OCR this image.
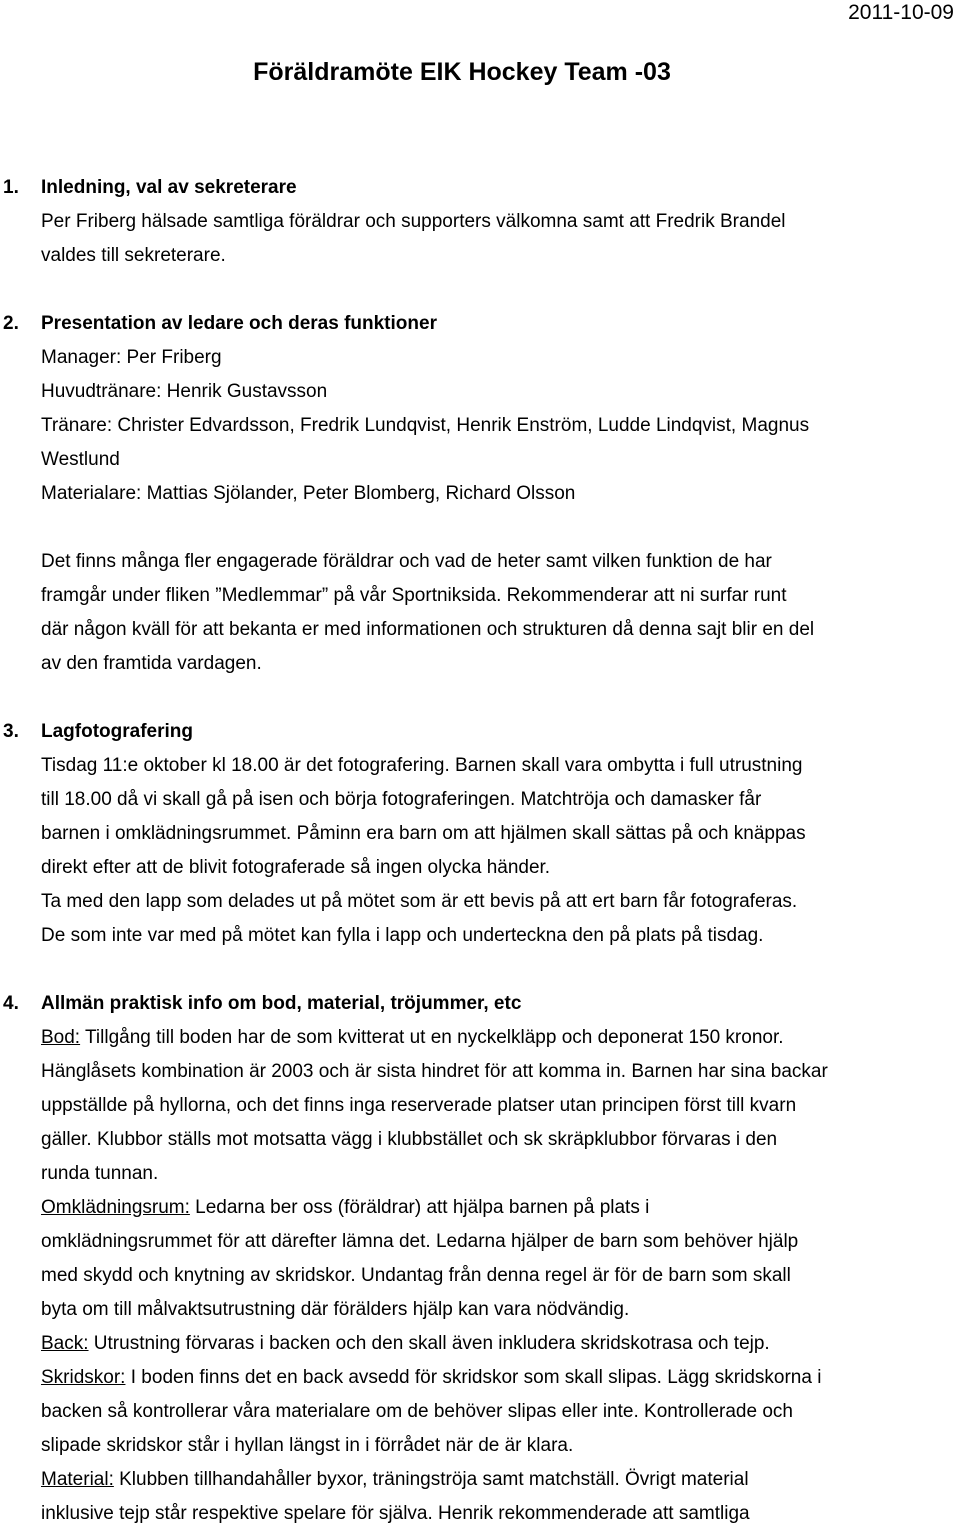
2011-10-09
Föräldramöte EIK Hockey Team -03
1. Inledning, val av sekreterare

Per Friberg hälsade samtliga föräldrar och supporters välkomna samt att Fredrik Brandel

valdes till sekreterare.

2. Presentation av ledare och deras funktioner

Manager: Per Friberg

Huvudtränare: Henrik Gustavsson

Tränare: Christer Edvardsson, Fredrik Lundqvist, Henrik Enström, Ludde Lindqvist, Magnus

Westlund

Materialare: Mattias Sjölander, Peter Blomberg, Richard Olsson

Det finns många fler engagerade föräldrar och vad de heter samt vilken funktion de har

framgår under fliken ”Medlemmar” på vår Sportniksida. Rekommenderar att ni surfar runt

där någon kväll för att bekanta er med informationen och strukturen då denna sajt blir en del

av den framtida vardagen.

3. Lagfotografering

Tisdag 11:e oktober kl 18.00 är det fotografering. Barnen skall vara ombytta i full utrustning

till 18.00 då vi skall gå på isen och börja fotograferingen. Matchtröja och damasker får

barnen i omklädningsrummet. Påminn era barn om att hjälmen skall sättas på och knäppas

direkt efter att de blivit fotograferade så ingen olycka händer.

Ta med den lapp som delades ut på mötet som är ett bevis på att ert barn får fotograferas.

De som inte var med på mötet kan fylla i lapp och underteckna den på plats på tisdag.

4. Allmän praktisk info om bod, material, tröjummer, etc

Bod: Tillgång till boden har de som kvitterat ut en nyckelkläpp och deponerat 150 kronor.

Hänglåsets kombination är 2003 och är sista hindret för att komma in. Barnen har sina backar

uppställde på hyllorna, och det finns inga reserverade platser utan principen först till kvarn

gäller. Klubbor ställs mot motsatta vägg i klubbstället och sk skräpklubbor förvaras i den

runda tunnan.

Omklädningsrum: Ledarna ber oss (föräldrar) att hjälpa barnen på plats i

omklädningsrummet för att därefter lämna det. Ledarna hjälper de barn som behöver hjälp

med skydd och knytning av skridskor. Undantag från denna regel är för de barn som skall

byta om till målvaktsutrustning där förälders hjälp kan vara nödvändig.

Back: Utrustning förvaras i backen och den skall även inkludera skridskotrasa och tejp.

Skridskor: I boden finns det en back avsedd för skridskor som skall slipas. Lägg skridskorna i

backen så kontrollerar våra materialare om de behöver slipas eller inte. Kontrollerade och

slipade skridskor står i hyllan längst in i förrådet när de är klara.

Material: Klubben tillhandahåller byxor, träningströja samt matchställ. Övrigt material

inklusive tejp står respektive spelare för själva. Henrik rekommenderade att samtliga
